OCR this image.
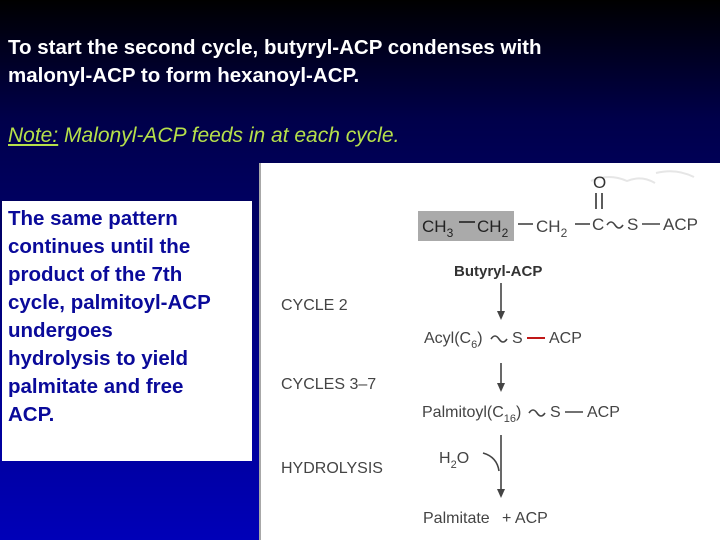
To start the second cycle, butyryl-ACP condenses with
malonyl-ACP to form hexanoyl-ACP.

Note: Malonyl-ACP feeds in at each cycle.

The same pattern
continues until the
product of the 7th
cycle, palmitoyl-ACP
undergoes
hydrolysis to yield
palmitate and free
ACP.

O
$CH_3$ $CH_2$ $CH_2$ C S ACP
Butyryl-ACP
CYCLE 2
$Acyl(C_6)$ S ACP
CYCLES 3–7
$Palmitoyl(C_{16})$ S ACP
$H_2O$
HYDROLYSIS
Palmitate + ACP
